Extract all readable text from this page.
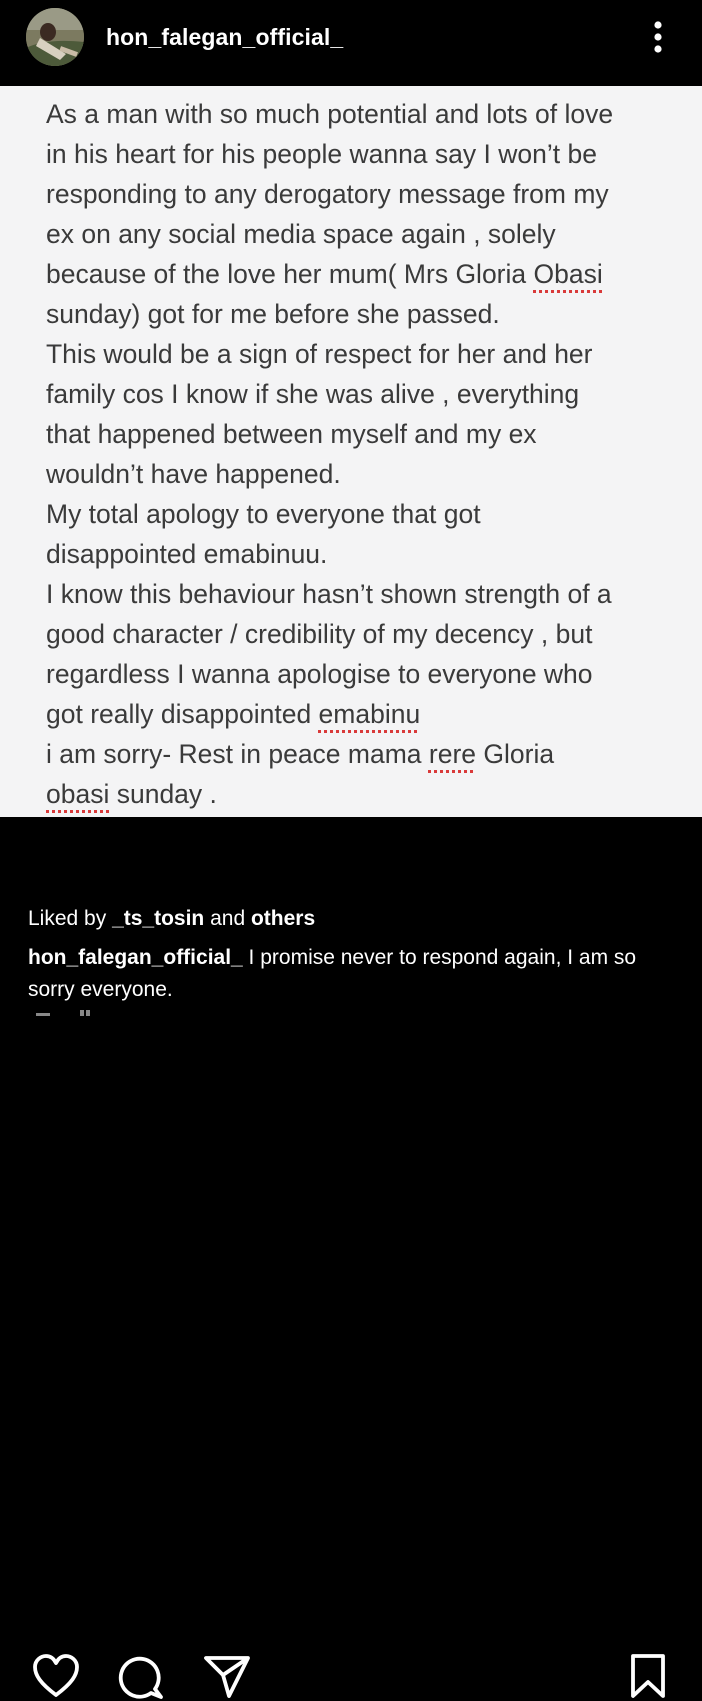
hon_falegan_official_
As a man with so much potential and lots of love
in his heart for his people wanna say I won’t be
responding to any derogatory message from my
ex on any social media space again , solely
because of the love her mum( Mrs Gloria Obasi
sunday) got for me before she passed.
This would be a sign of respect for her and her
family cos I know if she was alive , everything
that happened between myself and my ex
wouldn’t have happened.
My total apology to everyone that got
disappointed emabinuu.
I know this behaviour hasn’t shown strength of a
good character / credibility of my decency , but
regardless I wanna apologise to everyone who
got really disappointed emabinu
i am sorry- Rest in peace mama rere Gloria
obasi sunday .
Liked by _ts_tosin and others
hon_falegan_official_ I promise never to respond again, I am so sorry everyone.
